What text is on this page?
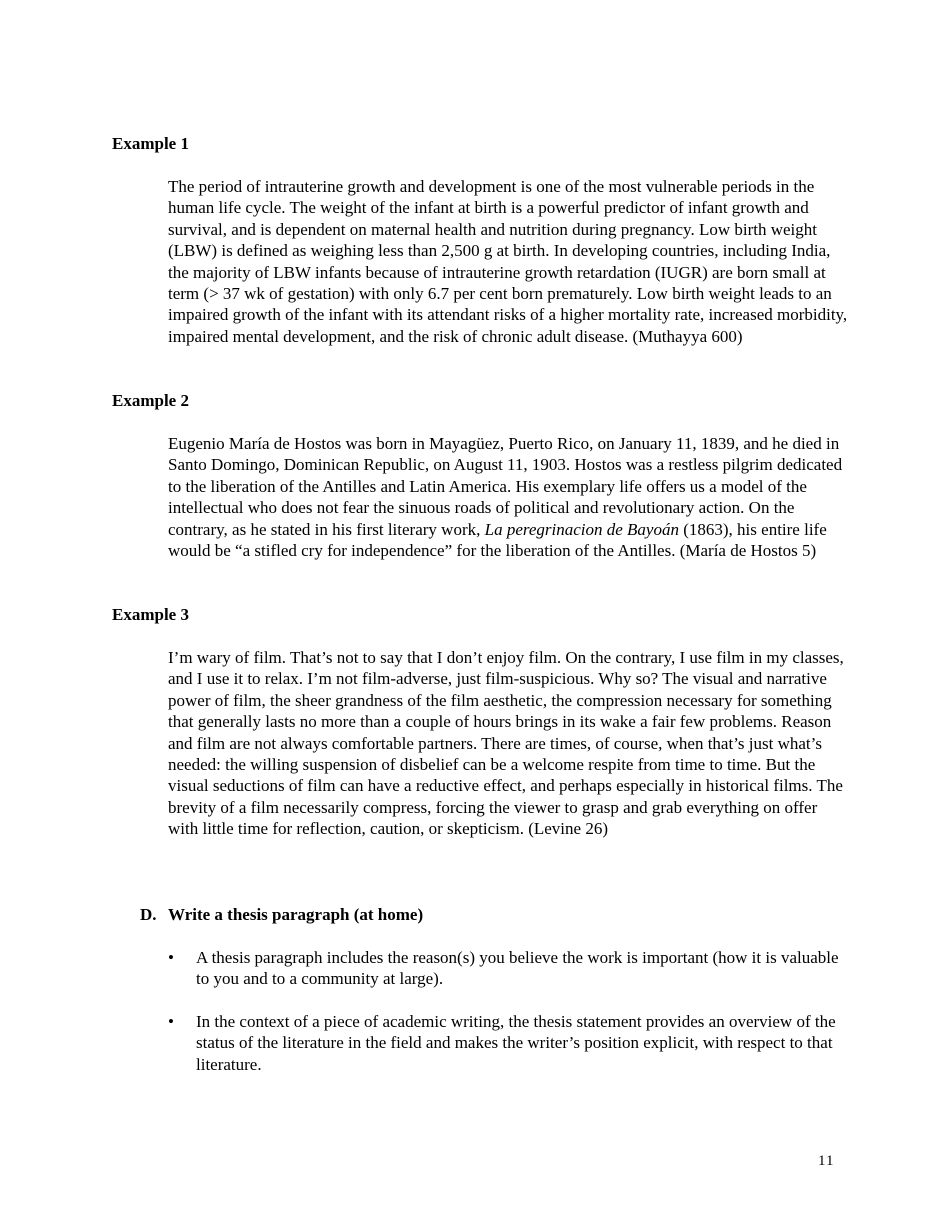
Example 1

The period of intrauterine growth and development is one of the most vulnerable periods in the human life cycle. The weight of the infant at birth is a powerful predictor of infant growth and survival, and is dependent on maternal health and nutrition during pregnancy. Low birth weight (LBW) is defined as weighing less than 2,500 g at birth. In developing countries, including India, the majority of LBW infants because of intrauterine growth retardation (IUGR) are born small at term (> 37 wk of gestation) with only 6.7 per cent born prematurely. Low birth weight leads to an impaired growth of the infant with its attendant risks of a higher mortality rate, increased morbidity, impaired mental development, and the risk of chronic adult disease. (Muthayya 600)

Example 2

Eugenio María de Hostos was born in Mayagüez, Puerto Rico, on January 11, 1839, and he died in Santo Domingo, Dominican Republic, on August 11, 1903. Hostos was a restless pilgrim dedicated to the liberation of the Antilles and Latin America. His exemplary life offers us a model of the intellectual who does not fear the sinuous roads of political and revolutionary action. On the contrary, as he stated in his first literary work, La peregrinacion de Bayoán (1863), his entire life would be “a stifled cry for independence” for the liberation of the Antilles. (María de Hostos 5)

Example 3

I’m wary of film. That’s not to say that I don’t enjoy film. On the contrary, I use film in my classes, and I use it to relax. I’m not film-adverse, just film-suspicious. Why so? The visual and narrative power of film, the sheer grandness of the film aesthetic, the compression necessary for something that generally lasts no more than a couple of hours brings in its wake a fair few problems. Reason and film are not always comfortable partners. There are times, of course, when that’s just what’s needed: the willing suspension of disbelief can be a welcome respite from time to time. But the visual seductions of film can have a reductive effect, and perhaps especially in historical films. The brevity of a film necessarily compress, forcing the viewer to grasp and grab everything on offer with little time for reflection, caution, or skepticism. (Levine 26)

D. Write a thesis paragraph (at home)
•	A thesis paragraph includes the reason(s) you believe the work is important (how it is valuable to you and to a community at large).
•	In the context of a piece of academic writing, the thesis statement provides an overview of the status of the literature in the field and makes the writer’s position explicit, with respect to that literature.
11
